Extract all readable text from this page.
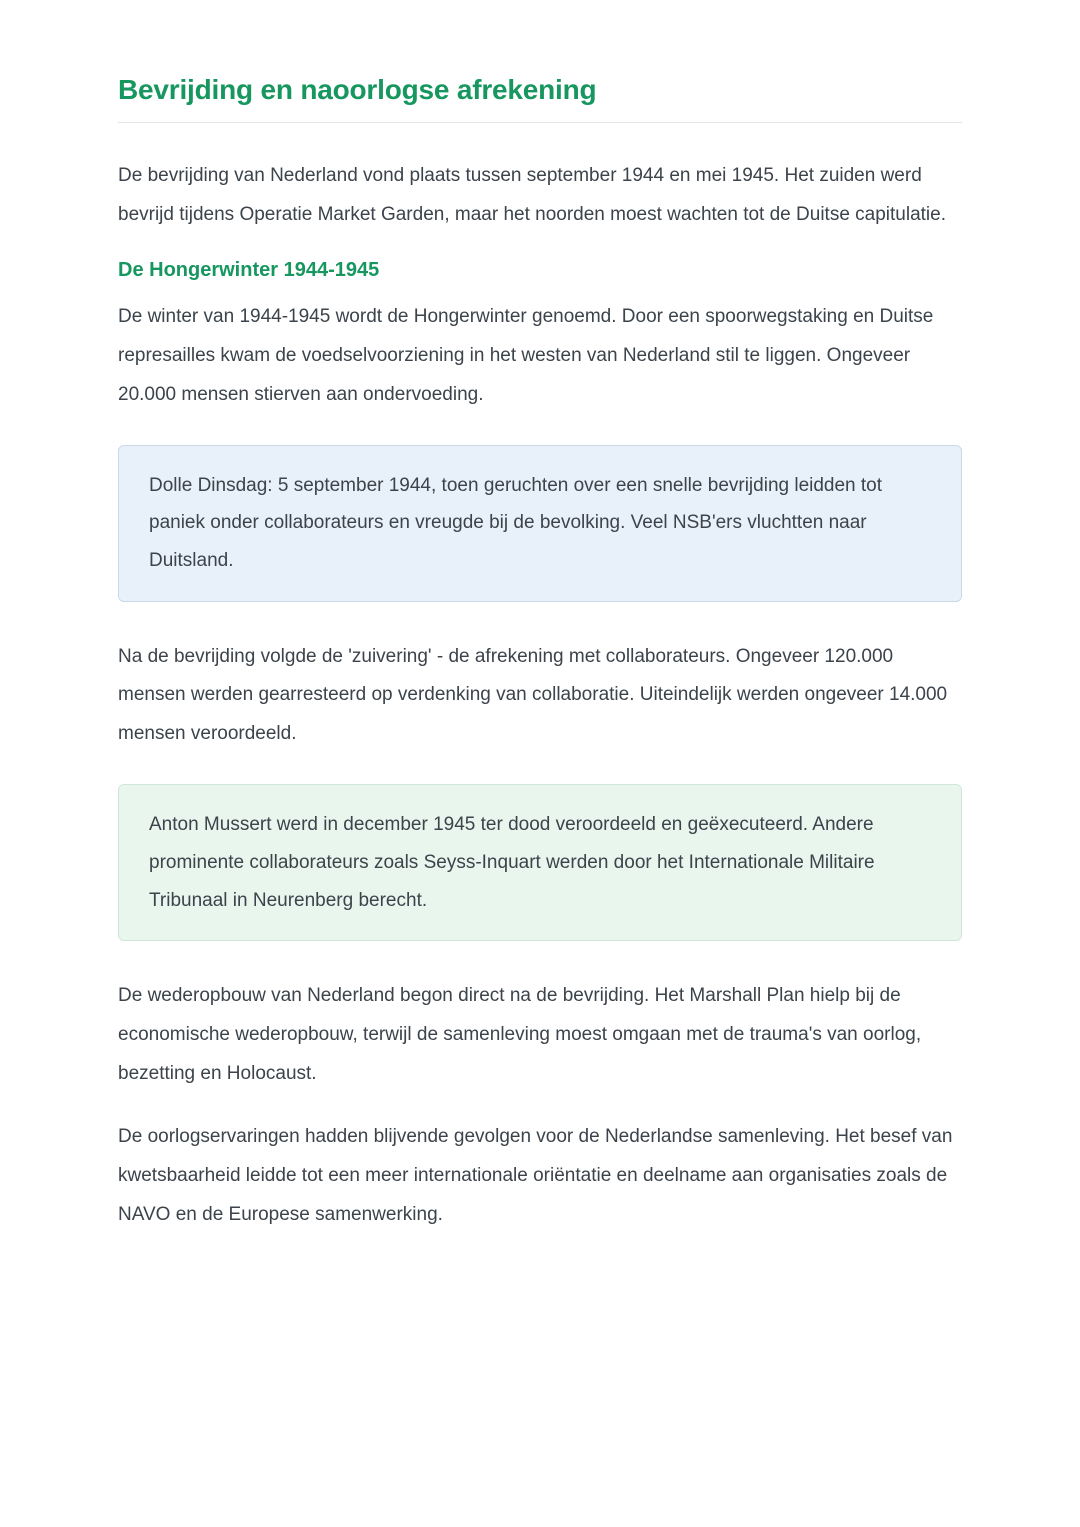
Bevrijding en naoorlogse afrekening

De bevrijding van Nederland vond plaats tussen september 1944 en mei 1945. Het zuiden werd bevrijd tijdens Operatie Market Garden, maar het noorden moest wachten tot de Duitse capitulatie.

De Hongerwinter 1944-1945

De winter van 1944-1945 wordt de Hongerwinter genoemd. Door een spoorwegstaking en Duitse represailles kwam de voedselvoorziening in het westen van Nederland stil te liggen. Ongeveer 20.000 mensen stierven aan ondervoeding.

Dolle Dinsdag: 5 september 1944, toen geruchten over een snelle bevrijding leidden tot paniek onder collaborateurs en vreugde bij de bevolking. Veel NSB'ers vluchtten naar Duitsland.

Na de bevrijding volgde de 'zuivering' - de afrekening met collaborateurs. Ongeveer 120.000 mensen werden gearresteerd op verdenking van collaboratie. Uiteindelijk werden ongeveer 14.000 mensen veroordeeld.

Anton Mussert werd in december 1945 ter dood veroordeeld en geëxecuteerd. Andere prominente collaborateurs zoals Seyss-Inquart werden door het Internationale Militaire Tribunaal in Neurenberg berecht.

De wederopbouw van Nederland begon direct na de bevrijding. Het Marshall Plan hielp bij de economische wederopbouw, terwijl de samenleving moest omgaan met de trauma's van oorlog, bezetting en Holocaust.

De oorlogservaringen hadden blijvende gevolgen voor de Nederlandse samenleving. Het besef van kwetsbaarheid leidde tot een meer internationale oriëntatie en deelname aan organisaties zoals de NAVO en de Europese samenwerking.
